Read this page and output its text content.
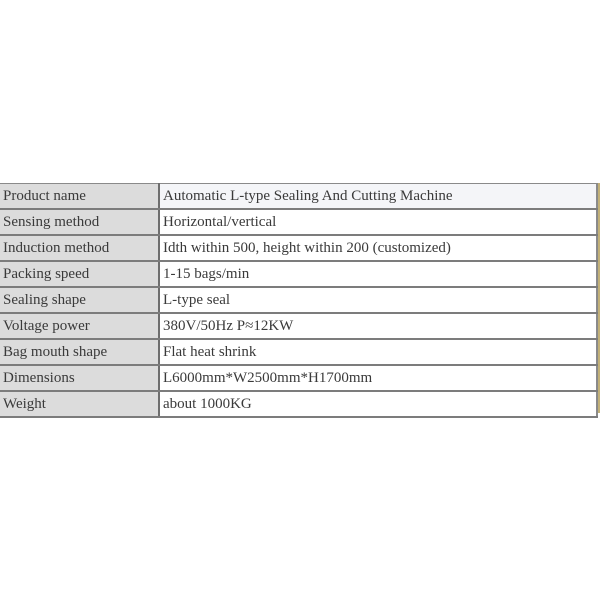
Product name	Automatic L-type Sealing And Cutting Machine
Sensing method	Horizontal/vertical
Induction method	Idth within 500, height within 200 (customized)
Packing speed	1-15 bags/min
Sealing shape	L-type seal
Voltage power	380V/50Hz P≈12KW
Bag mouth shape	Flat heat shrink
Dimensions	L6000mm*W2500mm*H1700mm
Weight	about 1000KG
